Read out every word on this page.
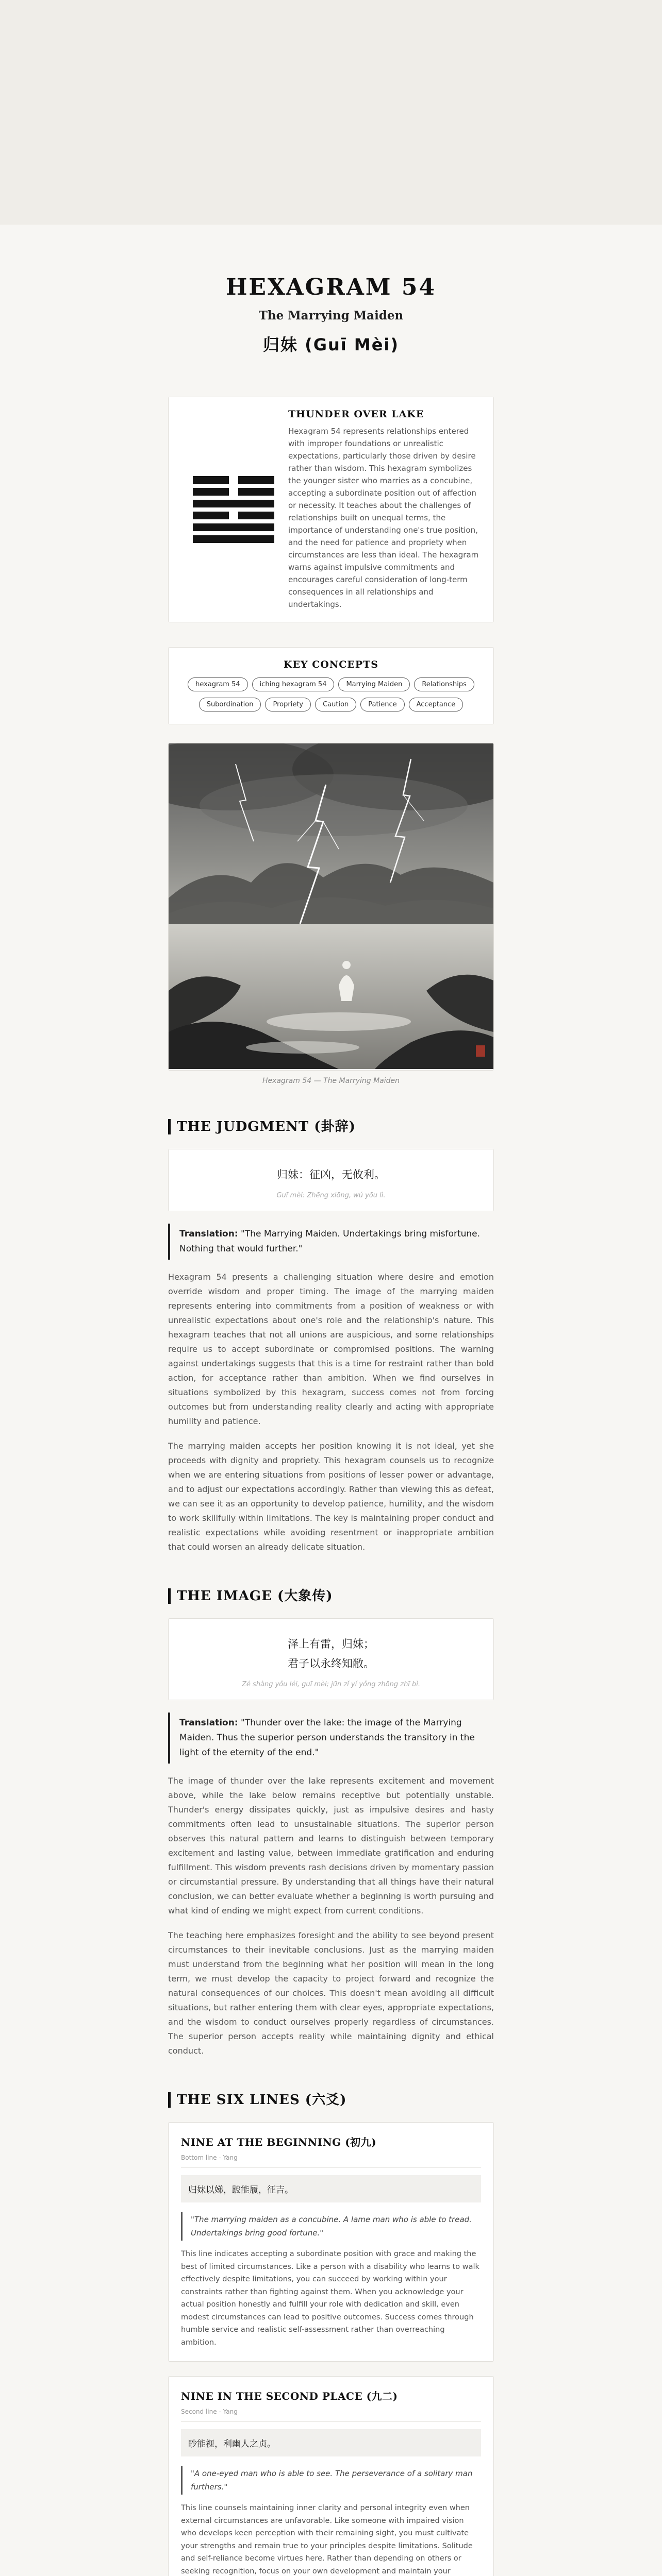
HEXAGRAM 54
The Marrying Maiden
归妹 (Guī Mèi)
THUNDER OVER LAKE

Hexagram 54 represents relationships entered with improper foundations or unrealistic expectations, particularly those driven by desire rather than wisdom. This hexagram symbolizes the younger sister who marries as a concubine, accepting a subordinate position out of affection or necessity. It teaches about the challenges of relationships built on unequal terms, the importance of understanding one's true position, and the need for patience and propriety when circumstances are less than ideal. The hexagram warns against impulsive commitments and encourages careful consideration of long-term consequences in all relationships and undertakings.

KEY CONCEPTS
hexagram 54	iching hexagram 54	Marrying Maiden	Relationships
Subordination	Propriety	Caution	Patience	Acceptance
Hexagram 54 — The Marrying Maiden
THE JUDGMENT (卦辞)
归妹：征凶，无攸利。
Guī mèi: Zhēng xiōng, wú yōu lì.
Translation: "The Marrying Maiden. Undertakings bring misfortune. Nothing that would further."

Hexagram 54 presents a challenging situation where desire and emotion override wisdom and proper timing. The image of the marrying maiden represents entering into commitments from a position of weakness or with unrealistic expectations about one's role and the relationship's nature. This hexagram teaches that not all unions are auspicious, and some relationships require us to accept subordinate or compromised positions. The warning against undertakings suggests that this is a time for restraint rather than bold action, for acceptance rather than ambition. When we find ourselves in situations symbolized by this hexagram, success comes not from forcing outcomes but from understanding reality clearly and acting with appropriate humility and patience.

The marrying maiden accepts her position knowing it is not ideal, yet she proceeds with dignity and propriety. This hexagram counsels us to recognize when we are entering situations from positions of lesser power or advantage, and to adjust our expectations accordingly. Rather than viewing this as defeat, we can see it as an opportunity to develop patience, humility, and the wisdom to work skillfully within limitations. The key is maintaining proper conduct and realistic expectations while avoiding resentment or inappropriate ambition that could worsen an already delicate situation.

THE IMAGE (大象传)
泽上有雷，归妹；
君子以永终知敝。
Zé shàng yǒu léi, guī mèi; jūn zǐ yǐ yǒng zhōng zhī bì.
Translation: "Thunder over the lake: the image of the Marrying Maiden. Thus the superior person understands the transitory in the light of the eternity of the end."

The image of thunder over the lake represents excitement and movement above, while the lake below remains receptive but potentially unstable. Thunder's energy dissipates quickly, just as impulsive desires and hasty commitments often lead to unsustainable situations. The superior person observes this natural pattern and learns to distinguish between temporary excitement and lasting value, between immediate gratification and enduring fulfillment. This wisdom prevents rash decisions driven by momentary passion or circumstantial pressure. By understanding that all things have their natural conclusion, we can better evaluate whether a beginning is worth pursuing and what kind of ending we might expect from current conditions.

The teaching here emphasizes foresight and the ability to see beyond present circumstances to their inevitable conclusions. Just as the marrying maiden must understand from the beginning what her position will mean in the long term, we must develop the capacity to project forward and recognize the natural consequences of our choices. This doesn't mean avoiding all difficult situations, but rather entering them with clear eyes, appropriate expectations, and the wisdom to conduct ourselves properly regardless of circumstances. The superior person accepts reality while maintaining dignity and ethical conduct.

THE SIX LINES (六爻)
NINE AT THE BEGINNING (初九)
Bottom line - Yang
归妹以娣，跛能履，征吉。
"The marrying maiden as a concubine. A lame man who is able to tread. Undertakings bring good fortune."
This line indicates accepting a subordinate position with grace and making the best of limited circumstances. Like a person with a disability who learns to walk effectively despite limitations, you can succeed by working within your constraints rather than fighting against them. When you acknowledge your actual position honestly and fulfill your role with dedication and skill, even modest circumstances can lead to positive outcomes. Success comes through humble service and realistic self-assessment rather than overreaching ambition.
NINE IN THE SECOND PLACE (九二)
Second line - Yang
眇能视，利幽人之贞。
"A one-eyed man who is able to see. The perseverance of a solitary man furthers."
This line counsels maintaining inner clarity and personal integrity even when external circumstances are unfavorable. Like someone with impaired vision who develops keen perception with their remaining sight, you must cultivate your strengths and remain true to your principles despite limitations. Solitude and self-reliance become virtues here. Rather than depending on others or seeking recognition, focus on your own development and maintain your
